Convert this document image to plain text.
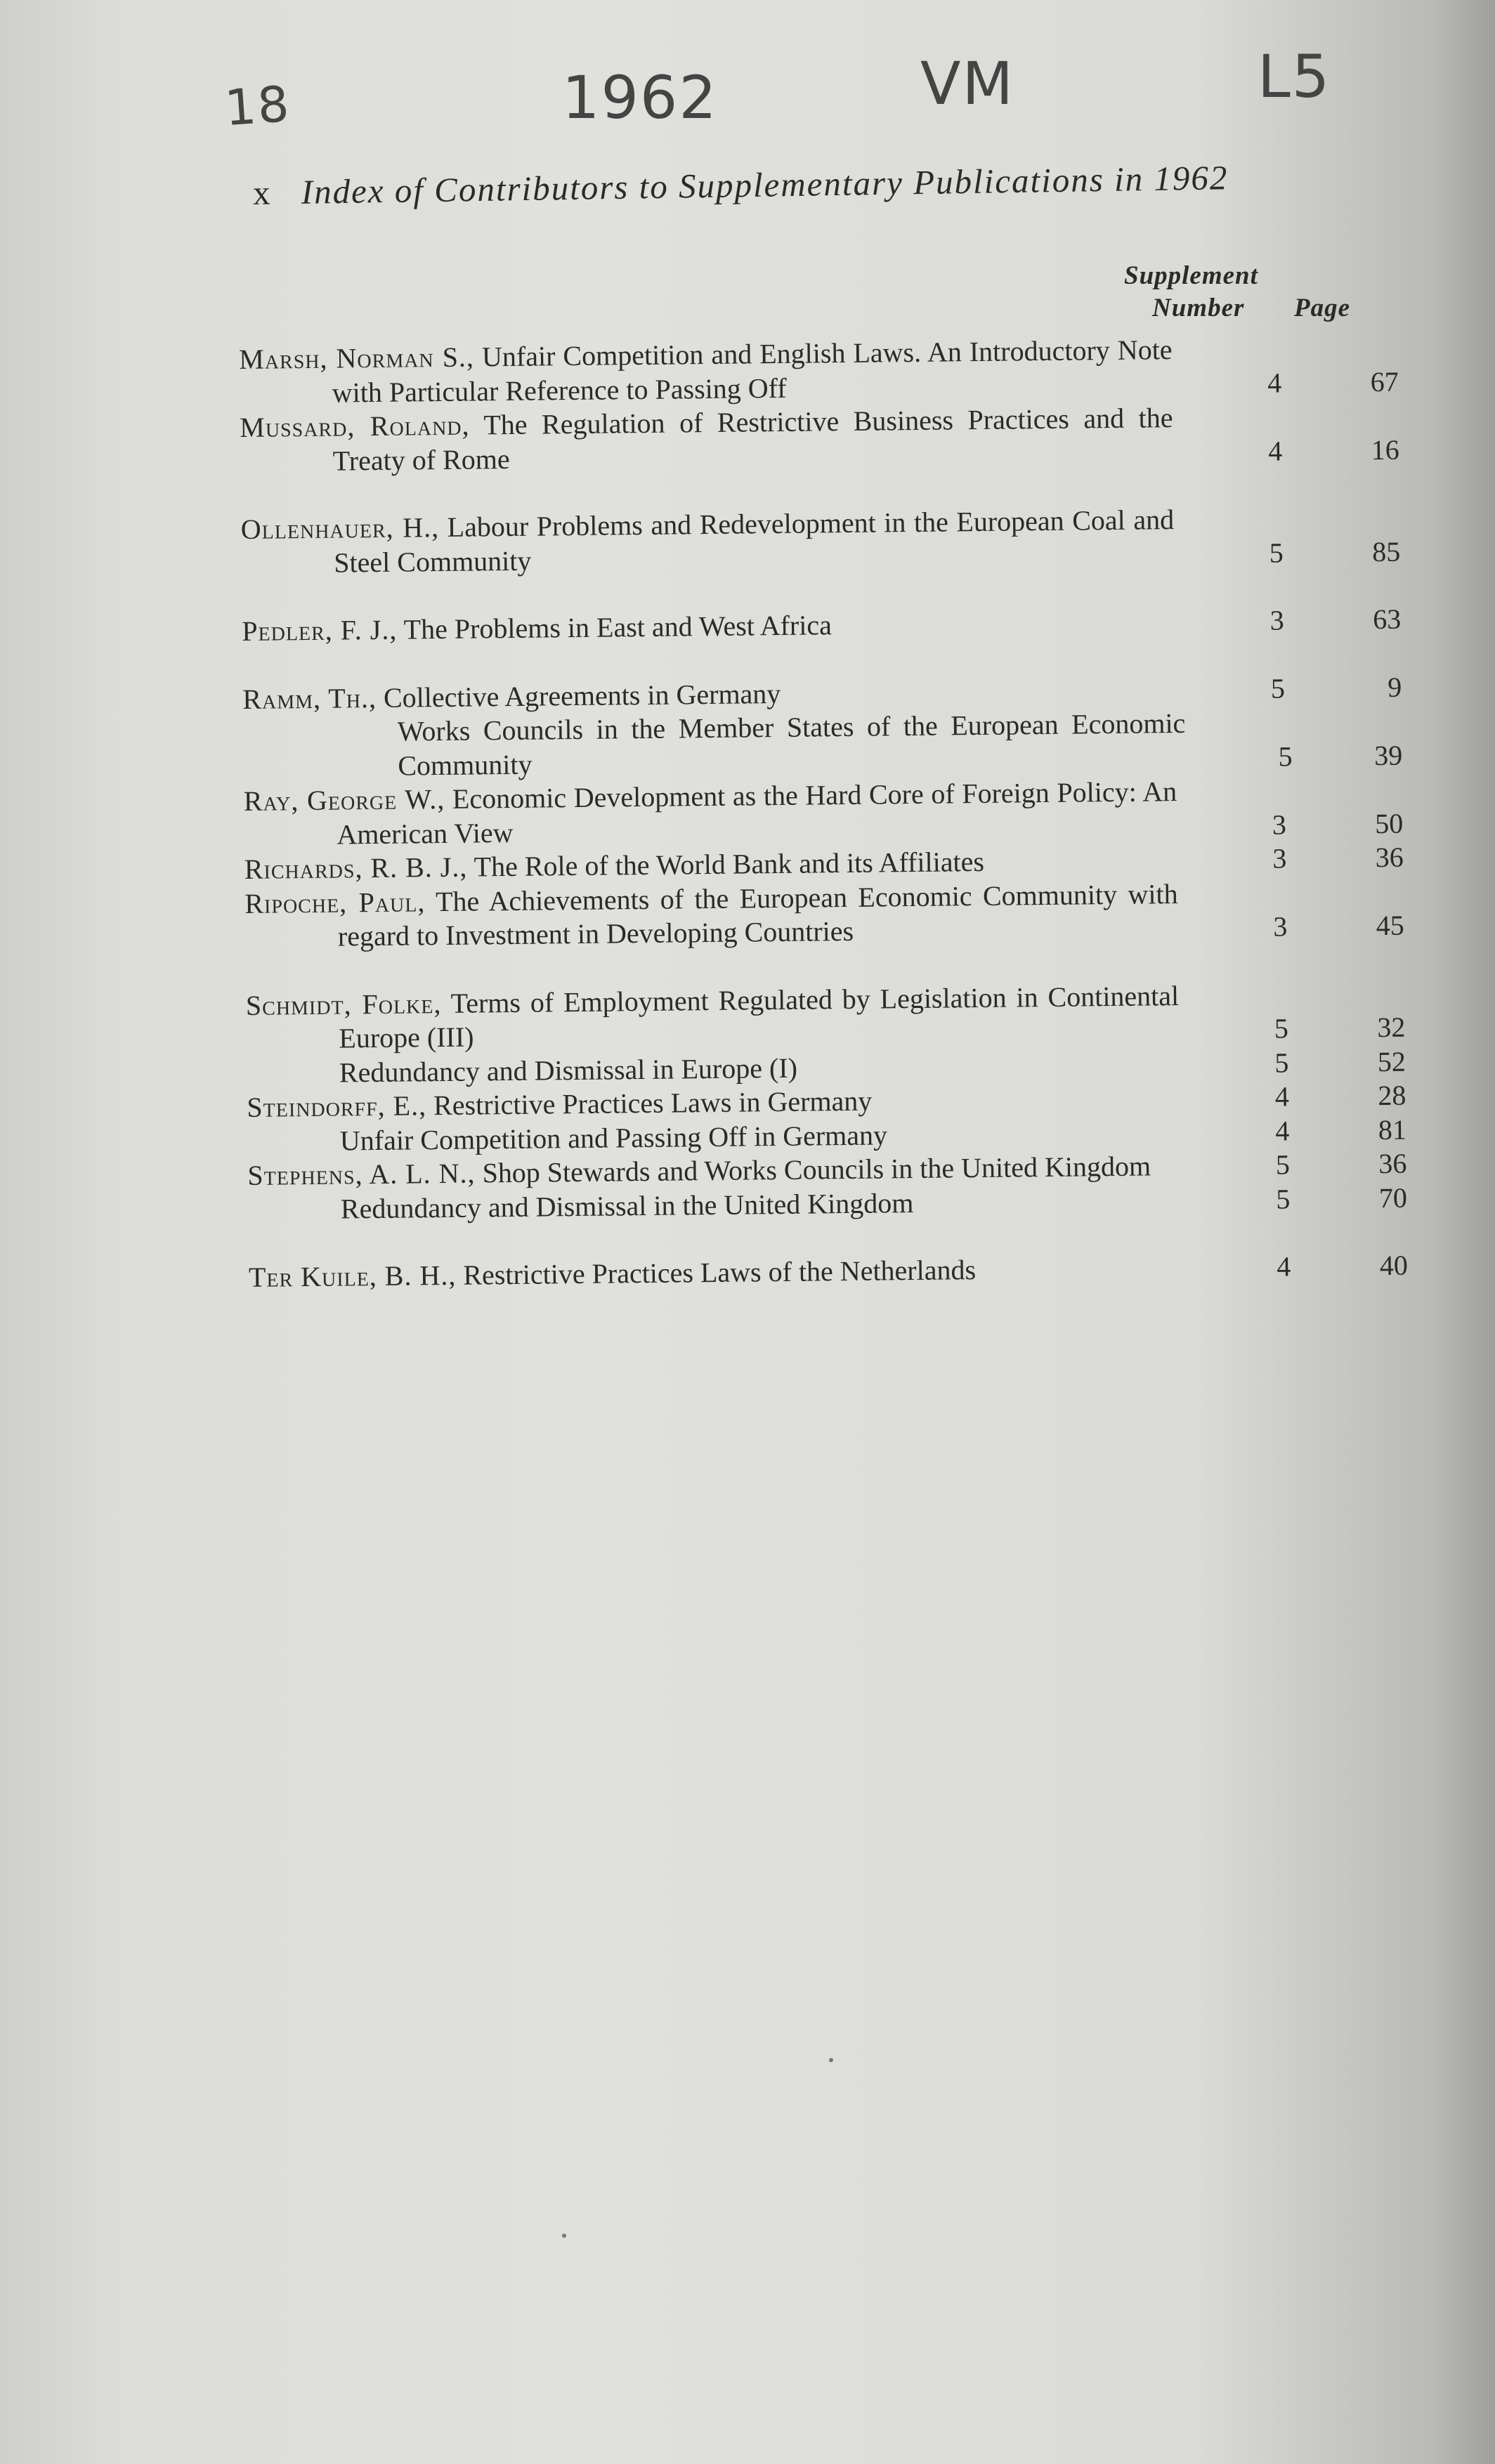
18	1962	VM	L5
x Index of Contributors to Supplementary Publications in 1962
Supplement
Number Page
Marsh, Norman S., Unfair Competition and English Laws. An Introductory Note with Particular Reference to Passing Off	4	67
Mussard, Roland, The Regulation of Restrictive Business Practices and the Treaty of Rome	4	16
Ollenhauer, H., Labour Problems and Redevelopment in the European Coal and Steel Community	5	85
Pedler, F. J., The Problems in East and West Africa	3	63
Ramm, Th., Collective Agreements in Germany	5	9
Works Councils in the Member States of the European Economic Community	5	39
Ray, George W., Economic Development as the Hard Core of Foreign Policy: An American View	3	50
Richards, R. B. J., The Role of the World Bank and its Affiliates	3	36
Ripoche, Paul, The Achievements of the European Economic Community with regard to Investment in Developing Countries	3	45
Schmidt, Folke, Terms of Employment Regulated by Legislation in Continental Europe (III)	5	32
Redundancy and Dismissal in Europe (I)	5	52
Steindorff, E., Restrictive Practices Laws in Germany	4	28
Unfair Competition and Passing Off in Germany	4	81
Stephens, A. L. N., Shop Stewards and Works Councils in the United Kingdom	5	36
Redundancy and Dismissal in the United Kingdom	5	70
Ter Kuile, B. H., Restrictive Practices Laws of the Netherlands	4	40
